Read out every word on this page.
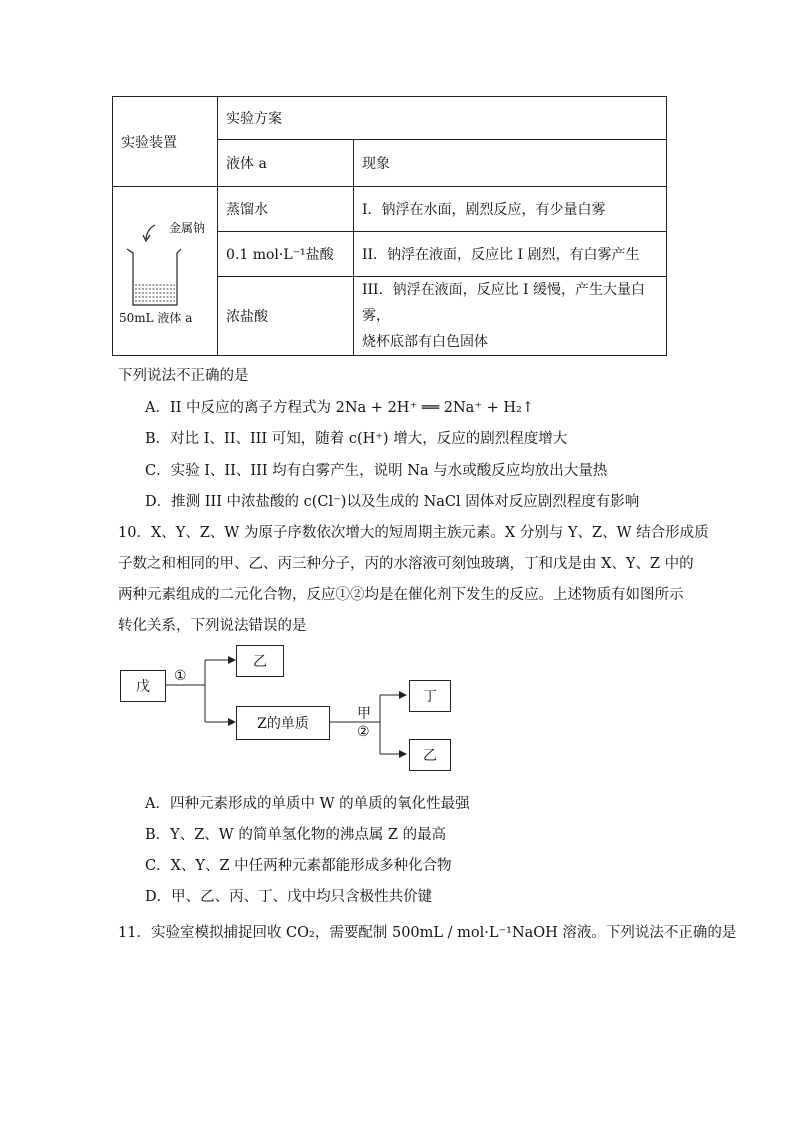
实验装置	实验方案	
	液体 a	现象

金属钠
50mL 液体 a	蒸馏水	I．钠浮在水面，剧烈反应，有少量白雾
	0.1 mol·L⁻¹盐酸	II．钠浮在液面，反应比 I 剧烈，有白雾产生
	浓盐酸	III．钠浮在液面，反应比 I 缓慢，产生大量白雾，
烧杯底部有白色固体
下列说法不正确的是
A．II 中反应的离子方程式为 2Na + 2H⁺ ══ 2Na⁺ + H₂↑
B．对比 I、II、III 可知，随着 c(H⁺) 增大，反应的剧烈程度增大
C．实验 I、II、III 均有白雾产生，说明 Na 与水或酸反应均放出大量热
D．推测 III 中浓盐酸的 c(Cl⁻)以及生成的 NaCl 固体对反应剧烈程度有影响
10．X、Y、Z、W 为原子序数依次增大的短周期主族元素。X 分别与 Y、Z、W 结合形成质
子数之和相同的甲、乙、丙三种分子，丙的水溶液可刻蚀玻璃，丁和戊是由 X、Y、Z 中的
两种元素组成的二元化合物，反应①②均是在催化剂下发生的反应。上述物质有如图所示
转化关系，下列说法错误的是
戊
乙
Z的单质
丁
乙
①
甲
②
A．四种元素形成的单质中 W 的单质的氧化性最强
B．Y、Z、W 的简单氢化物的沸点属 Z 的最高
C．X、Y、Z 中任两种元素都能形成多种化合物
D．甲、乙、丙、丁、戊中均只含极性共价键
11．实验室模拟捕捉回收 CO₂，需要配制 500mL / mol·L⁻¹NaOH 溶液。下列说法不正确的是
